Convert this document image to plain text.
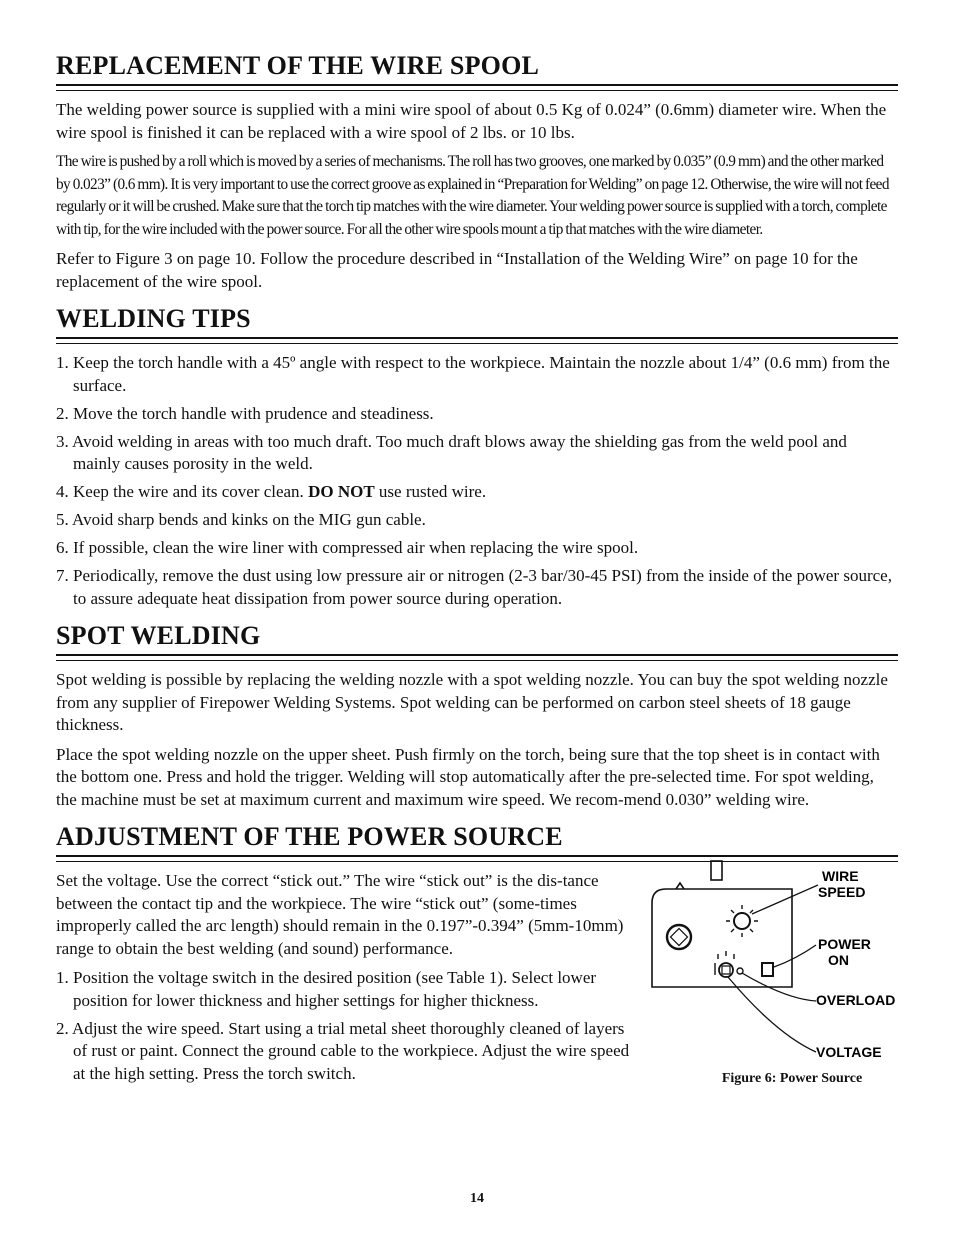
REPLACEMENT OF THE WIRE SPOOL

The welding power source is supplied with a mini wire spool of about 0.5 Kg of 0.024” (0.6mm) diameter wire. When the wire spool is finished it can be replaced with a wire spool of 2 lbs. or 10 lbs.

The wire is pushed by a roll which is moved by a series of mechanisms. The roll has two grooves, one marked by 0.035” (0.9 mm) and the other marked by 0.023” (0.6 mm). It is very important to use the correct groove as explained in “Preparation for Welding” on page 12. Otherwise, the wire will not feed regularly or it will be crushed. Make sure that the torch tip matches with the wire diameter. Your welding power source is supplied with a torch, complete with tip, for the wire included with the power source. For all the other wire spools mount a tip that matches with the wire diameter.

Refer to Figure 3 on page 10. Follow the procedure described in “Installation of the Welding Wire” on page 10 for the replacement of the wire spool.

WELDING TIPS
1. Keep the torch handle with a 45º angle with respect to the workpiece. Maintain the nozzle about 1/4” (0.6 mm) from the surface.
2. Move the torch handle with prudence and steadiness.
3. Avoid welding in areas with too much draft. Too much draft blows away the shielding gas from the weld pool and mainly causes porosity in the weld.
4. Keep the wire and its cover clean. DO NOT use rusted wire.
5. Avoid sharp bends and kinks on the MIG gun cable.
6. If possible, clean the wire liner with compressed air when replacing the wire spool.
7. Periodically, remove the dust using low pressure air or nitrogen (2-3 bar/30-45 PSI) from the inside of the power source, to assure adequate heat dissipation from power source during operation.
SPOT WELDING

Spot welding is possible by replacing the welding nozzle with a spot welding nozzle. You can buy the spot welding nozzle from any supplier of Firepower Welding Systems. Spot welding can be performed on carbon steel sheets of 18 gauge thickness.

Place the spot welding nozzle on the upper sheet. Push firmly on the torch, being sure that the top sheet is in contact with the bottom one. Press and hold the trigger. Welding will stop automatically after the pre-selected time. For spot welding, the machine must be set at maximum current and maximum wire speed. We recom-mend 0.030” welding wire.

ADJUSTMENT OF THE POWER SOURCE

Set the voltage. Use the correct “stick out.” The wire “stick out” is the dis-tance between the contact tip and the workpiece. The wire “stick out” (some-times improperly called the arc length) should remain in the 0.197”-0.394” (5mm-10mm) range to obtain the best welding (and sound) performance.

1. Position the voltage switch in the desired position (see Table 1). Select lower position for lower thickness and higher settings for higher thickness.
2. Adjust the wire speed. Start using a trial metal sheet thoroughly cleaned of layers of rust or paint. Connect the ground cable to the workpiece. Adjust the wire speed at the high setting. Press the torch switch.
WIRE
SPEED
POWER
ON
OVERLOAD
VOLTAGE
Figure 6: Power Source
14
